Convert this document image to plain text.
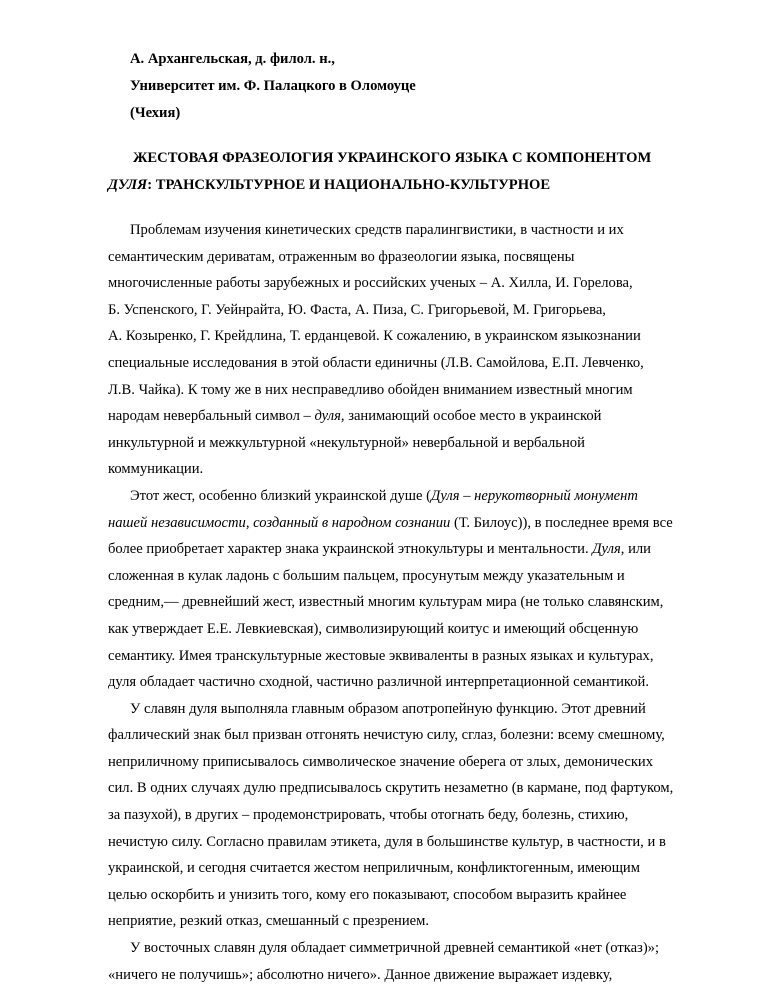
А. Архангельская, д. филол. н.,
Университет им. Ф. Палацкого в Оломоуце
(Чехия)
ЖЕСТОВАЯ ФРАЗЕОЛОГИЯ УКРАИНСКОГО ЯЗЫКА С КОМПОНЕНТОМ
ДУЛЯ: ТРАНСКУЛЬТУРНОЕ И НАЦИОНАЛЬНО-КУЛЬТУРНОЕ
Проблемам изучения кинетических средств паралингвистики, в частности и их
семантическим дериватам, отраженным во фразеологии языка, посвящены
многочисленные работы зарубежных и российских ученых – А. Хилла, И. Горелова,
Б. Успенского, Г. Уейнрайта, Ю. Фаста, А. Пиза, С. Григорьевой, М. Григорьева,
А. Козыренко, Г. Крейдлина, Т. ерданцевой. К сожалению, в украинском языкознании
специальные исследования в этой области единичны (Л.В. Самойлова, Е.П. Левченко,
Л.В. Чайка). К тому же в них несправедливо обойден вниманием известный многим
народам невербальный символ – дуля, занимающий особое место в украинской
инкультурной и межкультурной «некультурной» невербальной и вербальной
коммуникации.
Этот жест, особенно близкий украинской душе (Дуля – нерукотворный монумент
нашей независимости, созданный в народном сознании (Т. Билоус)), в последнее время все
более приобретает характер знака украинской этнокультуры и ментальности. Дуля, или
сложенная в кулак ладонь с большим пальцем, просунутым между указательным и
средним,— древнейший жест, известный многим культурам мира (не только славянским,
как утверждает Е.Е. Левкиевская), символизирующий коитус и имеющий обсценную
семантику. Имея транскультурные жестовые эквиваленты в разных языках и культурах,
дуля обладает частично сходной, частично различной интерпретационной семантикой.
У славян дуля выполняла главным образом апотропейную функцию. Этот древний
фаллический знак был призван отгонять нечистую силу, сглаз, болезни: всему смешному,
неприличному приписывалось символическое значение оберега от злых, демонических
сил. В одних случаях дулю предписывалось скрутить незаметно (в кармане, под фартуком,
за пазухой), в других – продемонстрировать, чтобы отогнать беду, болезнь, стихию,
нечистую силу. Согласно правилам этикета, дуля в большинстве культур, в частности, и в
украинской, и сегодня считается жестом неприличным, конфликтогенным, имеющим
целью оскорбить и унизить того, кому его показывают, способом выразить крайнее
неприятие, резкий отказ, смешанный с презрением.
У восточных славян дуля обладает симметричной древней семантикой «нет (отказ)»;
«ничего не получишь»; абсолютно ничего». Данное движение выражает издевку,
